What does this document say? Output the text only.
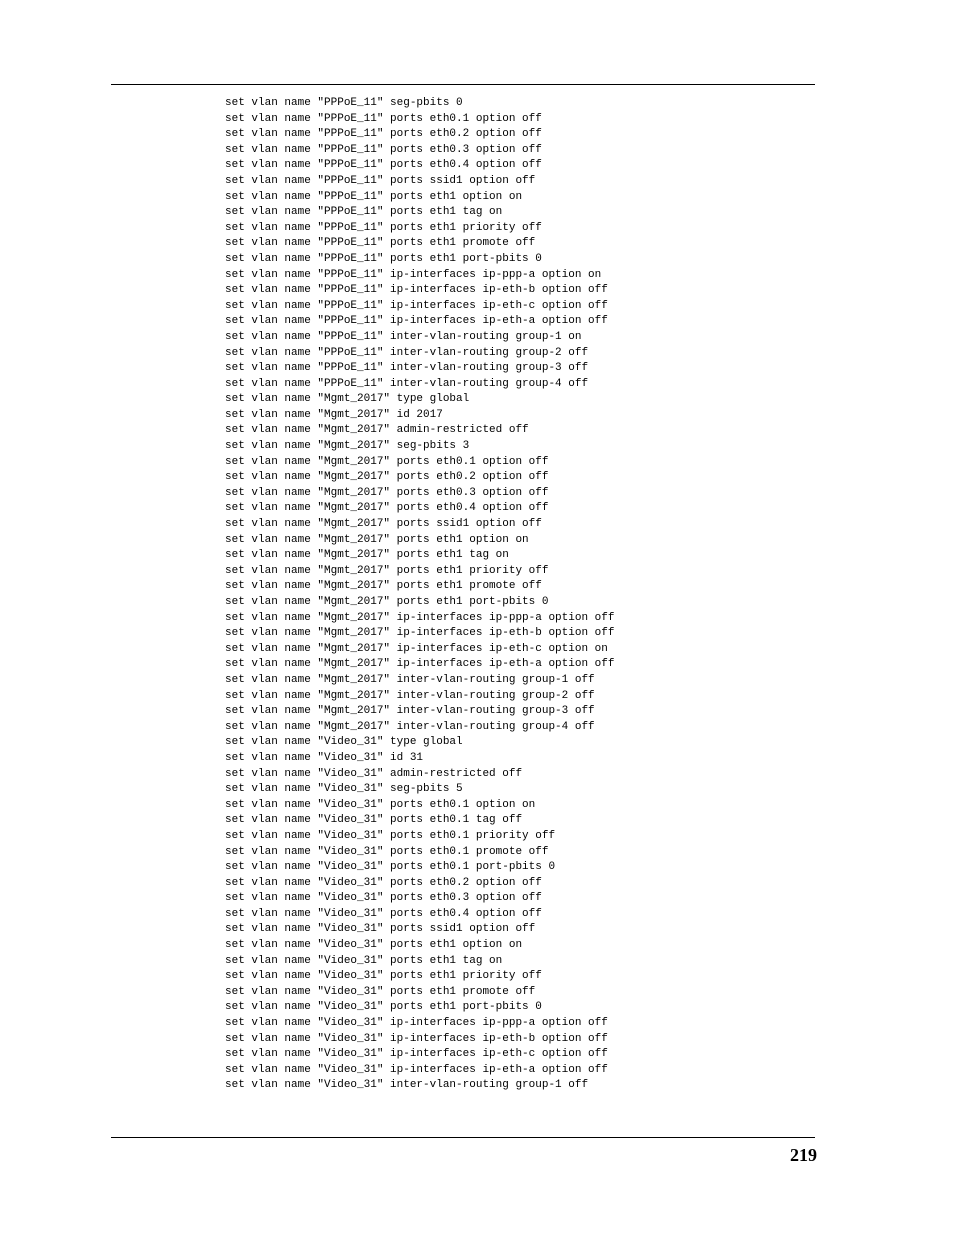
set vlan name "PPPoE_11" seg-pbits 0
set vlan name "PPPoE_11" ports eth0.1 option off
set vlan name "PPPoE_11" ports eth0.2 option off
set vlan name "PPPoE_11" ports eth0.3 option off
set vlan name "PPPoE_11" ports eth0.4 option off
set vlan name "PPPoE_11" ports ssid1 option off
set vlan name "PPPoE_11" ports eth1 option on
set vlan name "PPPoE_11" ports eth1 tag on
set vlan name "PPPoE_11" ports eth1 priority off
set vlan name "PPPoE_11" ports eth1 promote off
set vlan name "PPPoE_11" ports eth1 port-pbits 0
set vlan name "PPPoE_11" ip-interfaces ip-ppp-a option on
set vlan name "PPPoE_11" ip-interfaces ip-eth-b option off
set vlan name "PPPoE_11" ip-interfaces ip-eth-c option off
set vlan name "PPPoE_11" ip-interfaces ip-eth-a option off
set vlan name "PPPoE_11" inter-vlan-routing group-1 on
set vlan name "PPPoE_11" inter-vlan-routing group-2 off
set vlan name "PPPoE_11" inter-vlan-routing group-3 off
set vlan name "PPPoE_11" inter-vlan-routing group-4 off
set vlan name "Mgmt_2017" type global
set vlan name "Mgmt_2017" id 2017
set vlan name "Mgmt_2017" admin-restricted off
set vlan name "Mgmt_2017" seg-pbits 3
set vlan name "Mgmt_2017" ports eth0.1 option off
set vlan name "Mgmt_2017" ports eth0.2 option off
set vlan name "Mgmt_2017" ports eth0.3 option off
set vlan name "Mgmt_2017" ports eth0.4 option off
set vlan name "Mgmt_2017" ports ssid1 option off
set vlan name "Mgmt_2017" ports eth1 option on
set vlan name "Mgmt_2017" ports eth1 tag on
set vlan name "Mgmt_2017" ports eth1 priority off
set vlan name "Mgmt_2017" ports eth1 promote off
set vlan name "Mgmt_2017" ports eth1 port-pbits 0
set vlan name "Mgmt_2017" ip-interfaces ip-ppp-a option off
set vlan name "Mgmt_2017" ip-interfaces ip-eth-b option off
set vlan name "Mgmt_2017" ip-interfaces ip-eth-c option on
set vlan name "Mgmt_2017" ip-interfaces ip-eth-a option off
set vlan name "Mgmt_2017" inter-vlan-routing group-1 off
set vlan name "Mgmt_2017" inter-vlan-routing group-2 off
set vlan name "Mgmt_2017" inter-vlan-routing group-3 off
set vlan name "Mgmt_2017" inter-vlan-routing group-4 off
set vlan name "Video_31" type global
set vlan name "Video_31" id 31
set vlan name "Video_31" admin-restricted off
set vlan name "Video_31" seg-pbits 5
set vlan name "Video_31" ports eth0.1 option on
set vlan name "Video_31" ports eth0.1 tag off
set vlan name "Video_31" ports eth0.1 priority off
set vlan name "Video_31" ports eth0.1 promote off
set vlan name "Video_31" ports eth0.1 port-pbits 0
set vlan name "Video_31" ports eth0.2 option off
set vlan name "Video_31" ports eth0.3 option off
set vlan name "Video_31" ports eth0.4 option off
set vlan name "Video_31" ports ssid1 option off
set vlan name "Video_31" ports eth1 option on
set vlan name "Video_31" ports eth1 tag on
set vlan name "Video_31" ports eth1 priority off
set vlan name "Video_31" ports eth1 promote off
set vlan name "Video_31" ports eth1 port-pbits 0
set vlan name "Video_31" ip-interfaces ip-ppp-a option off
set vlan name "Video_31" ip-interfaces ip-eth-b option off
set vlan name "Video_31" ip-interfaces ip-eth-c option off
set vlan name "Video_31" ip-interfaces ip-eth-a option off
set vlan name "Video_31" inter-vlan-routing group-1 off
219
